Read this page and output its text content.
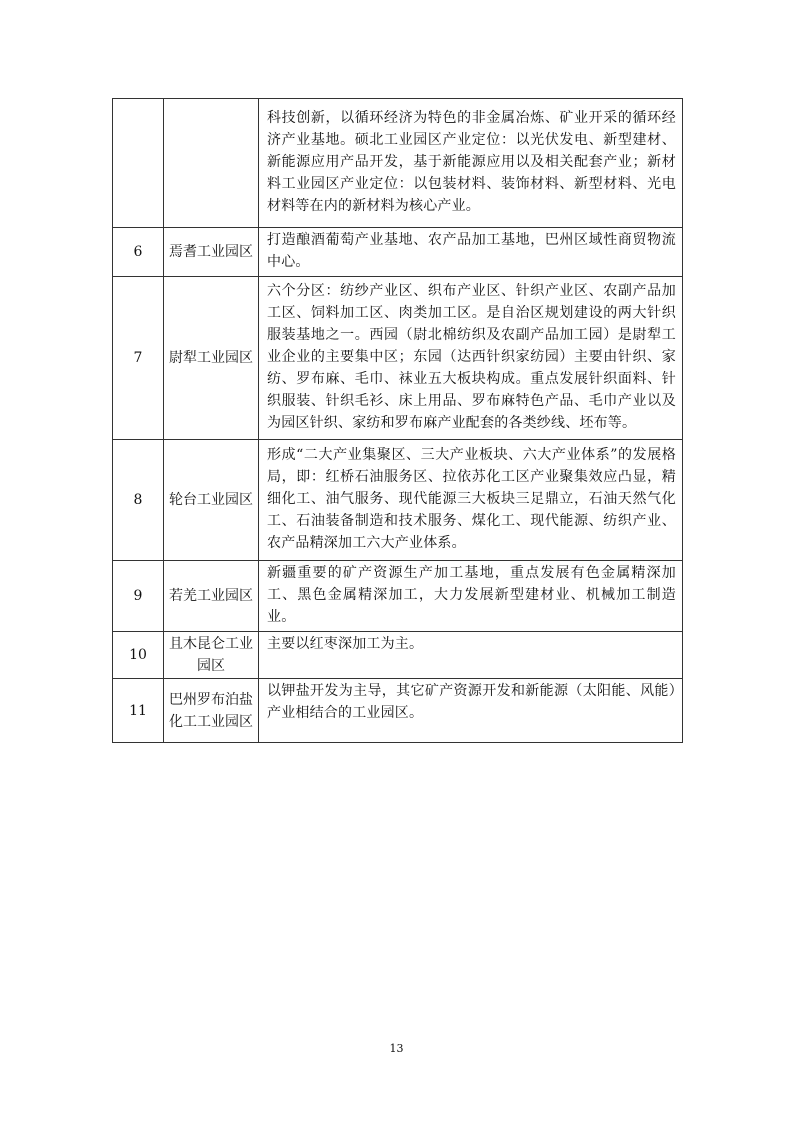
		科技创新，以循环经济为特色的非金属冶炼、矿业开采的循环经济产业基地。硕北工业园区产业定位：以光伏发电、新型建材、新能源应用产品开发，基于新能源应用以及相关配套产业；新材料工业园区产业定位：以包装材料、装饰材料、新型材料、光电材料等在内的新材料为核心产业。
6	焉耆工业园区	打造酿酒葡萄产业基地、农产品加工基地，巴州区域性商贸物流中心。
7	尉犁工业园区	六个分区：纺纱产业区、织布产业区、针织产业区、农副产品加工区、饲料加工区、肉类加工区。是自治区规划建设的两大针织服装基地之一。西园（尉北棉纺织及农副产品加工园）是尉犁工业企业的主要集中区；东园（达西针织家纺园）主要由针织、家纺、罗布麻、毛巾、袜业五大板块构成。重点发展针织面料、针织服装、针织毛衫、床上用品、罗布麻特色产品、毛巾产业以及为园区针织、家纺和罗布麻产业配套的各类纱线、坯布等。
8	轮台工业园区	形成“二大产业集聚区、三大产业板块、六大产业体系”的发展格局，即：红桥石油服务区、拉依苏化工区产业聚集效应凸显，精细化工、油气服务、现代能源三大板块三足鼎立，石油天然气化工、石油装备制造和技术服务、煤化工、现代能源、纺织产业、农产品精深加工六大产业体系。
9	若羌工业园区	新疆重要的矿产资源生产加工基地，重点发展有色金属精深加工、黑色金属精深加工，大力发展新型建材业、机械加工制造业。
10	且木昆仑工业园区	主要以红枣深加工为主。
11	巴州罗布泊盐化工工业园区	以钾盐开发为主导，其它矿产资源开发和新能源（太阳能、风能）产业相结合的工业园区。
13
